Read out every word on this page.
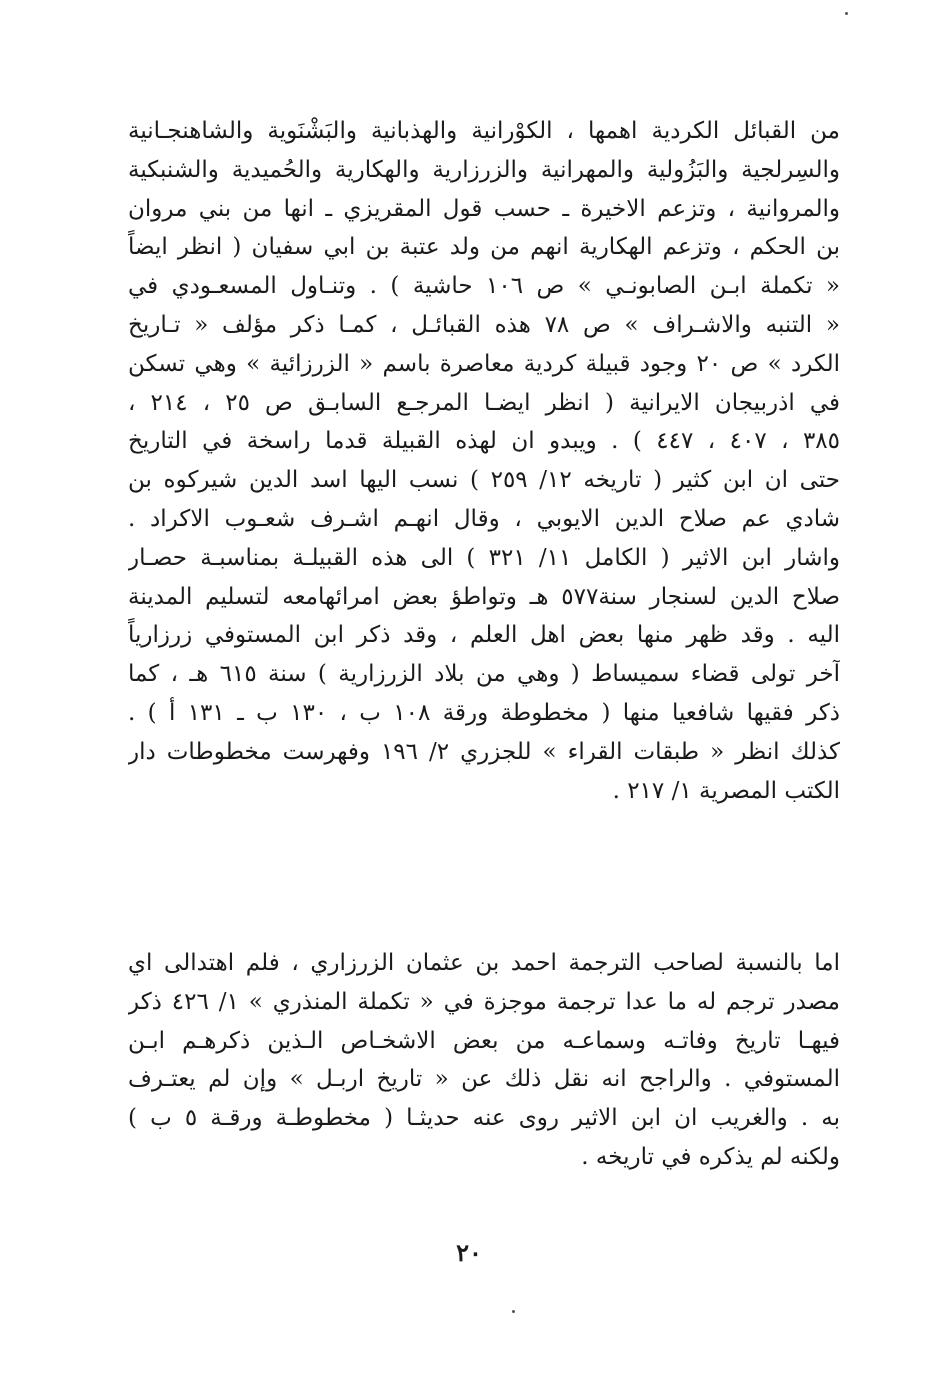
من القبائل الكردية اهمها ، الكوْرانية والهذبانية والبَشْنَوية والشاهنجـانية
والسِرلجية والبَزُولية والمهرانية والزرزارية والهكارية والحُميدية والشنبكية
والمروانية ، وتزعم الاخيرة ـ حسب قول المقريزي ـ انها من بني مروان
بن الحكم ، وتزعم الهكارية انهم من ولد عتبة بن ابي سفيان ( انظر ايضاً
« تكملة ابـن الصابونـي » ص ١٠٦ حاشية ) . وتنـاول المسعـودي في
« التنبه والاشـراف » ص ٧٨ هذه القبائـل ، كمـا ذكر مؤلف « تـاريخ
الكرد » ص ٢٠ وجود قبيلة كردية معاصرة باسم « الزرزائية » وهي تسكن
في اذربيجان الايرانية ( انظر ايضـا المرجـع السابـق ص ٢٥ ، ٢١٤ ،
٣٨٥ ، ٤٠٧ ، ٤٤٧ ) . ويبدو ان لهذه القبيلة قدما راسخة في التاريخ
حتى ان ابن كثير ( تاريخه ١٢/ ٢٥٩ ) نسب اليها اسد الدين شيركوه بن
شادي عم صلاح الدين الايوبي ، وقال انهـم اشـرف شعـوب الاكراد .
واشار ابن الاثير ( الكامل ١١/ ٣٢١ ) الى هذه القبيلـة بمناسبـة حصـار
صلاح الدين لسنجار سنة٥٧٧ هـ وتواطؤ بعض امرائهامعه لتسليم المدينة
اليه . وقد ظهر منها بعض اهل العلم ، وقد ذكر ابن المستوفي زرزارياً
آخر تولى قضاء سميساط ( وهي من بلاد الزرزارية ) سنة ٦١٥ هـ ، كما
ذكر فقيها شافعيا منها ( مخطوطة ورقة ١٠٨ ب ، ١٣٠ ب ـ ١٣١ أ ) .
كذلك انظر « طبقات القراء » للجزري ٢/ ١٩٦ وفهرست مخطوطات دار
الكتب المصرية ١/ ٢١٧ .
اما بالنسبة لصاحب الترجمة احمد بن عثمان الزرزاري ، فلم اهتدالى اي
مصدر ترجم له ما عدا ترجمة موجزة في « تكملة المنذري » ١/ ٤٢٦ ذكر
فيهـا تاريخ وفاتـه وسماعـه من بعض الاشخـاص الـذين ذكرهـم ابـن
المستوفي . والراجح انه نقل ذلك عن « تاريخ اربـل » وإن لم يعتـرف
به . والغريب ان ابن الاثير روى عنه حديثـا ( مخطوطـة ورقـة ٥ ب )
ولكنه لم يذكره في تاريخه .
٢٠
